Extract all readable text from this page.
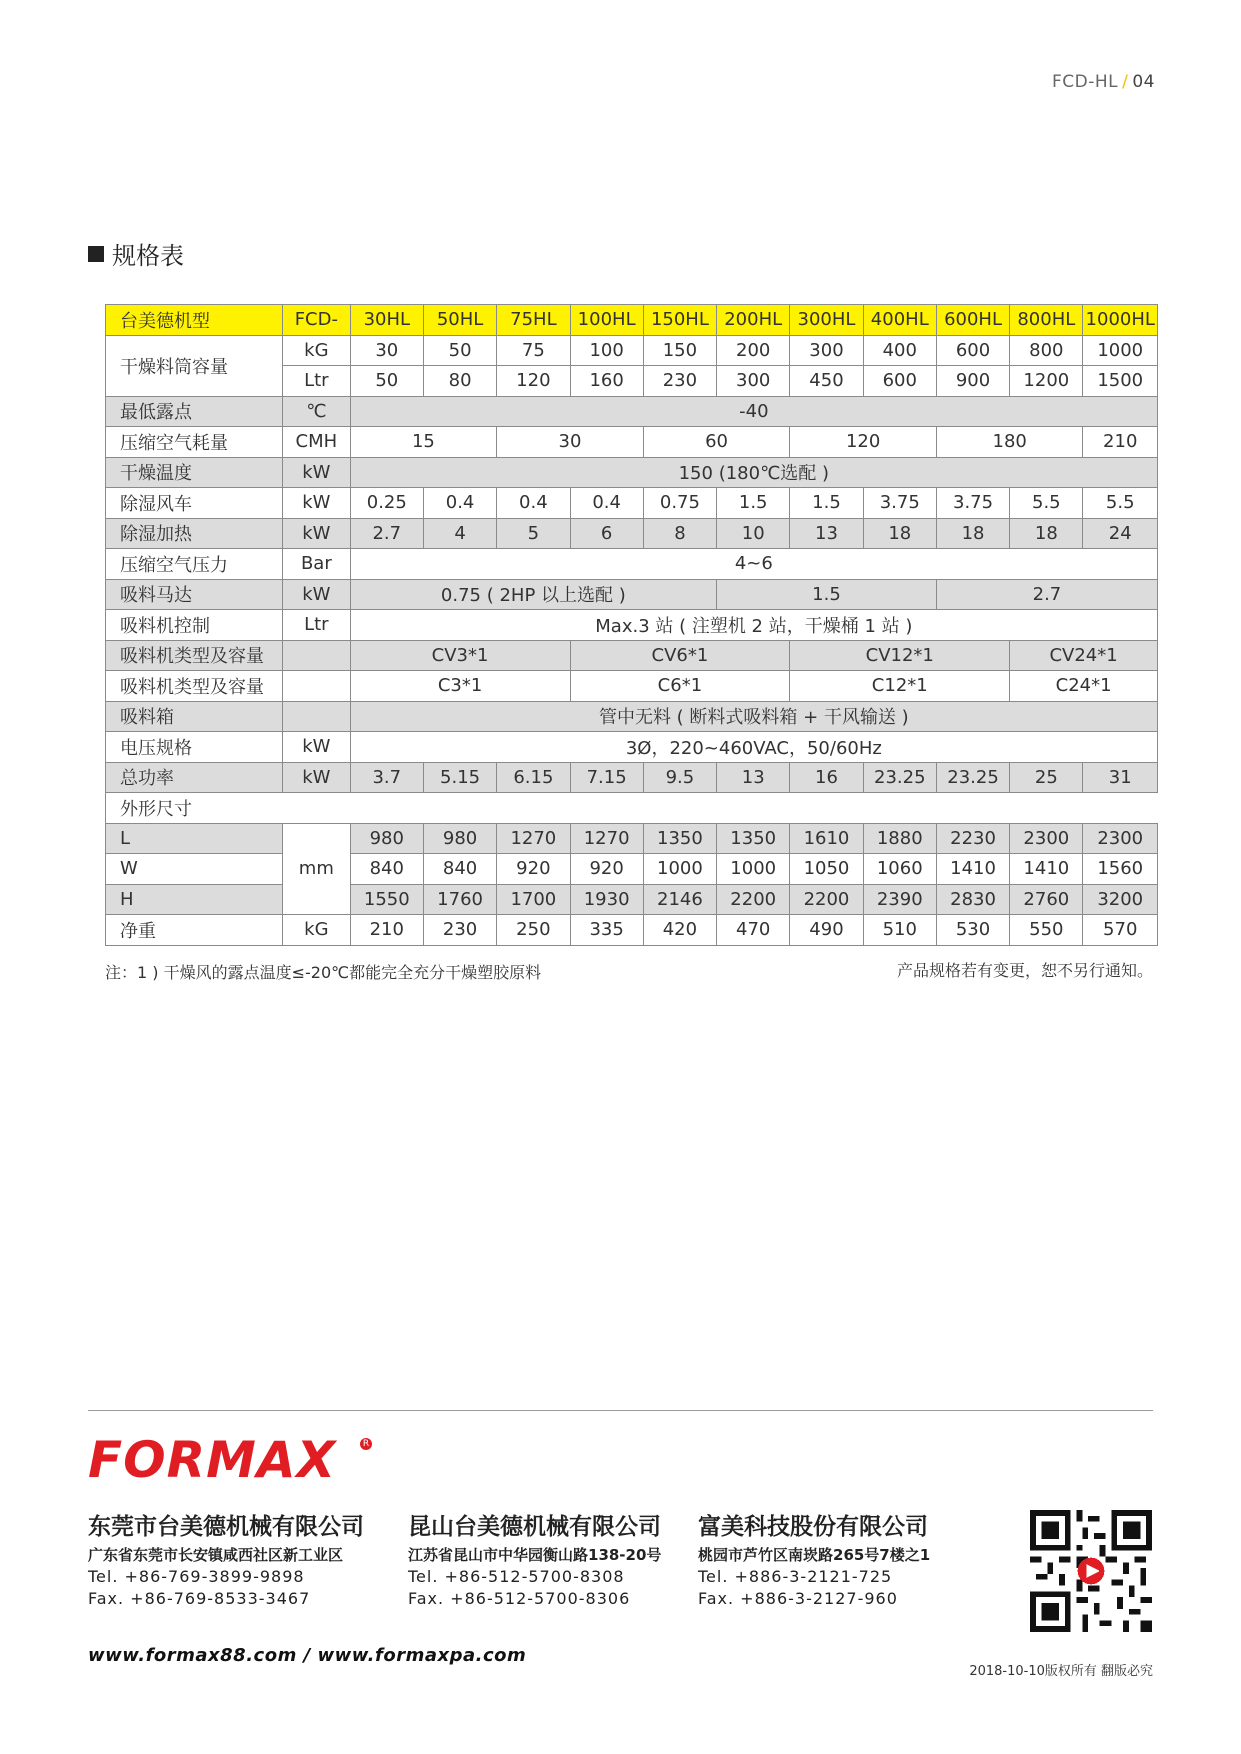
FCD-HL / 04
规格表
台美德机型	FCD-	30HL	50HL	75HL	100HL	150HL	200HL	300HL	400HL	600HL	800HL	1000HL
干燥料筒容量	kG	30	50	75	100	150	200	300	400	600	800	1000
	Ltr	50	80	120	160	230	300	450	600	900	1200	1500
最低露点	℃	-40										
压缩空气耗量	CMH	15		30		60		120		180		210
干燥温度	kW	150 (180℃选配 )										
除湿风车	kW	0.25	0.4	0.4	0.4	0.75	1.5	1.5	3.75	3.75	5.5	5.5
除湿加热	kW	2.7	4	5	6	8	10	13	18	18	18	24
压缩空气压力	Bar	4~6										
吸料马达	kW	0.75 ( 2HP 以上选配 )					1.5			2.7		
吸料机控制	Ltr	Max.3 站 ( 注塑机 2 站，干燥桶 1 站 )										
吸料机类型及容量		CV3*1			CV6*1			CV12*1			CV24*1	
吸料机类型及容量		C3*1			C6*1			C12*1			C24*1	
吸料箱		管中无料 ( 断料式吸料箱 + 干风输送 )										
电压规格	kW	3Ø，220~460VAC，50/60Hz										
总功率	kW	3.7	5.15	6.15	7.15	9.5	13	16	23.25	23.25	25	31
外形尺寸												
L	mm	980	980	1270	1270	1350	1350	1610	1880	2230	2300	2300
W		840	840	920	920	1000	1000	1050	1060	1410	1410	1560
H		1550	1760	1700	1930	2146	2200	2200	2390	2830	2760	3200
净重	kG	210	230	250	335	420	470	490	510	530	550	570
注：1 ) 干燥风的露点温度≤-20℃都能完全充分干燥塑胶原料	产品规格若有变更，恕不另行通知。
FORMAX	R
东莞市台美德机械有限公司
广东省东莞市长安镇咸西社区新工业区
Tel. +86-769-3899-9898
Fax. +86-769-8533-3467
昆山台美德机械有限公司
江苏省昆山市中华园衡山路138-20号
Tel. +86-512-5700-8308
Fax. +86-512-5700-8306
富美科技股份有限公司
桃园市芦竹区南崁路265号7楼之1
Tel. +886-3-2121-725
Fax. +886-3-2127-960
www.formax88.com / www.formaxpa.com
2018-10-10版权所有 翻版必究
